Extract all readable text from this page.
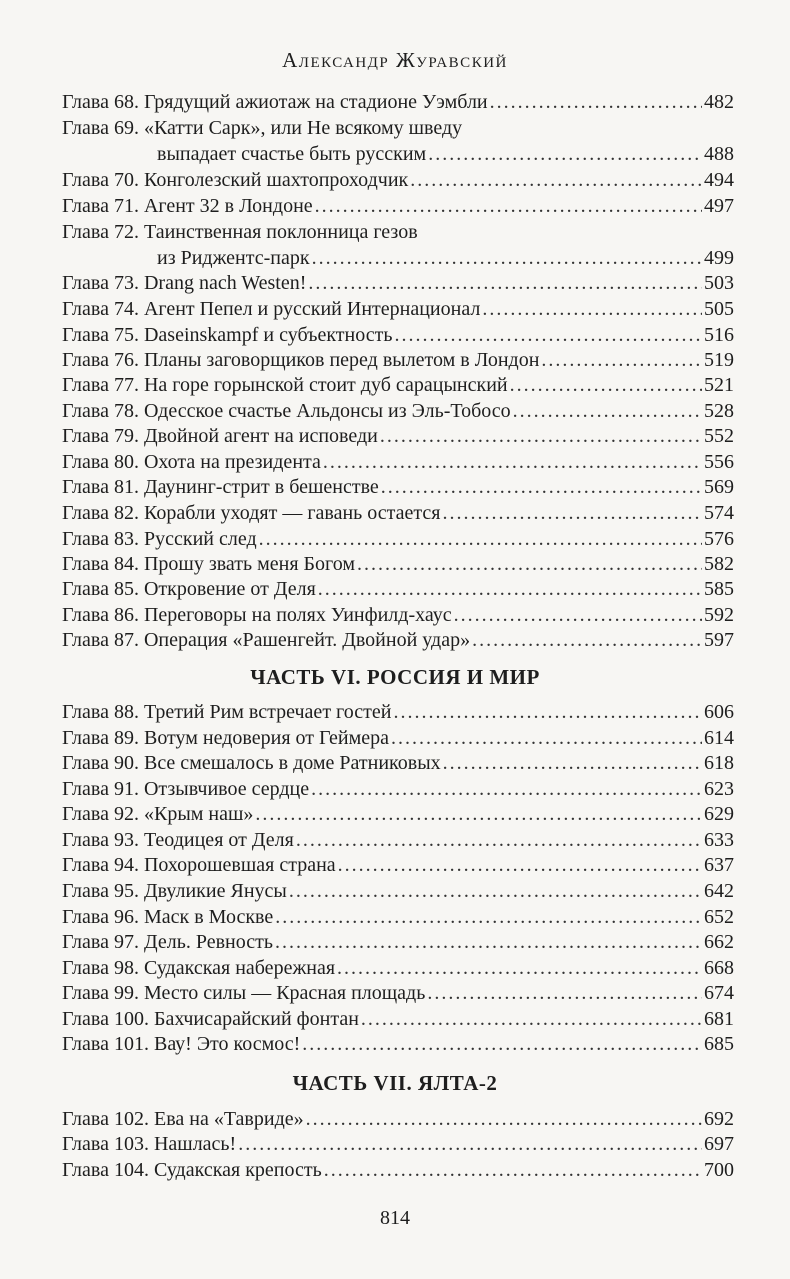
Александр Журавский
Глава 68. Грядущий ажиотаж на стадионе Уэмбли .....	482
Глава 69. «Катти Сарк», или Не всякому шведу
выпадает счастье быть русским .....	488
Глава 70. Конголезский шахтопроходчик .....	494
Глава 71. Агент 32 в Лондоне .....	497
Глава 72. Таинственная поклонница гезов
из Риджентс-парк .....	499
Глава 73. Drang nach Westen! .....	503
Глава 74. Агент Пепел и русский Интернационал .....	505
Глава 75. Daseinskampf и субъектность .....	516
Глава 76. Планы заговорщиков перед вылетом в Лондон .....	519
Глава 77. На горе горынской стоит дуб сарацынский .....	521
Глава 78. Одесское счастье Альдонсы из Эль-Тобосо .....	528
Глава 79. Двойной агент на исповеди .....	552
Глава 80. Охота на президента .....	556
Глава 81. Даунинг-стрит в бешенстве .....	569
Глава 82. Корабли уходят — гавань остается .....	574
Глава 83. Русский след .....	576
Глава 84. Прошу звать меня Богом .....	582
Глава 85. Откровение от Деля .....	585
Глава 86. Переговоры на полях Уинфилд-хаус .....	592
Глава 87. Операция «Рашенгейт. Двойной удар» .....	597
ЧАСТЬ VI. РОССИЯ И МИР
Глава 88. Третий Рим встречает гостей .....	606
Глава 89. Вотум недоверия от Геймера .....	614
Глава 90. Все смешалось в доме Ратниковых .....	618
Глава 91. Отзывчивое сердце .....	623
Глава 92. «Крым наш» .....	629
Глава 93. Теодицея от Деля .....	633
Глава 94. Похорошевшая страна .....	637
Глава 95. Двуликие Янусы .....	642
Глава 96. Маск в Москве .....	652
Глава 97. Дель. Ревность .....	662
Глава 98. Судакская набережная .....	668
Глава 99. Место силы — Красная площадь .....	674
Глава 100. Бахчисарайский фонтан .....	681
Глава 101. Вау! Это космос! .....	685
ЧАСТЬ VII. ЯЛТА-2
Глава 102. Ева на «Тавриде» .....	692
Глава 103. Нашлась! .....	697
Глава 104. Судакская крепость .....	700
814
